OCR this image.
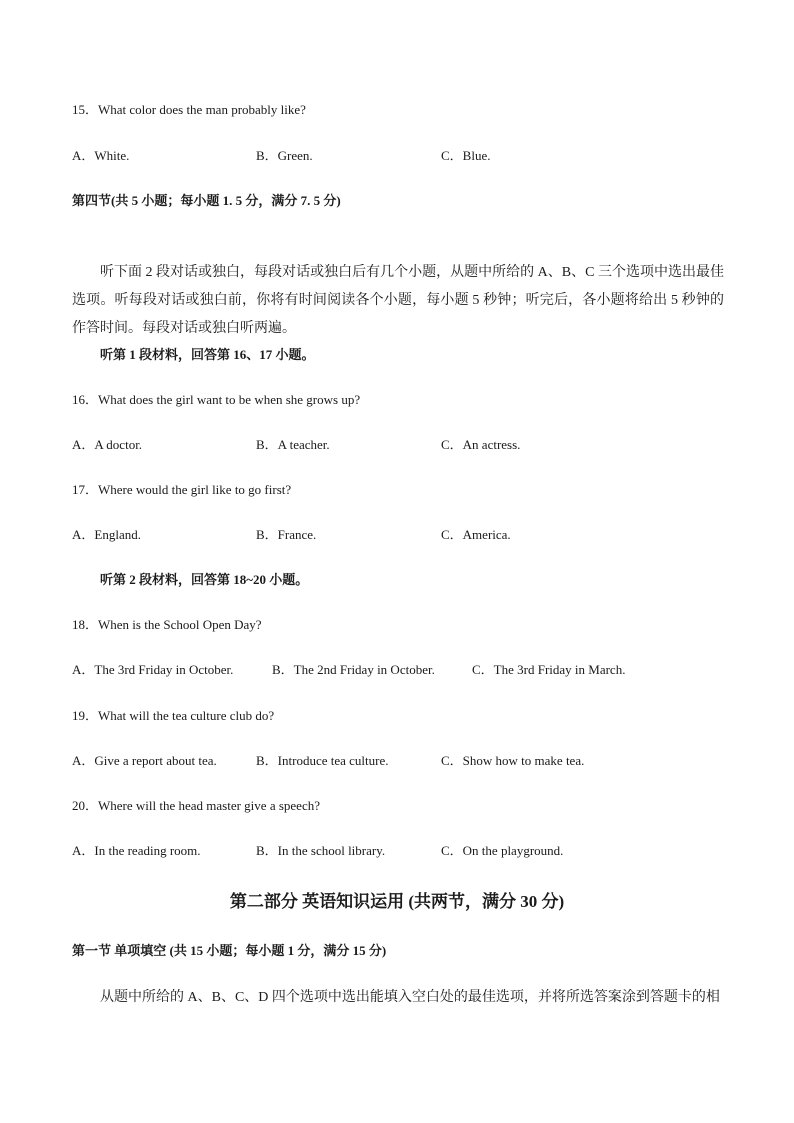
15．What color does the man probably like?
A．White.	B．Green.	C．Blue.
第四节(共 5 小题；每小题 1. 5 分，满分 7. 5 分)
听下面 2 段对话或独白，每段对话或独白后有几个小题，从题中所给的 A、B、C 三个选项中选出最佳选项。听每段对话或独白前，你将有时间阅读各个小题，每小题 5 秒钟；听完后，各小题将给出 5 秒钟的作答时间。每段对话或独白听两遍。
听第 1 段材料，回答第 16、17 小题。
16．What does the girl want to be when she grows up?
A．A doctor.	B．A teacher.	C．An actress.
17．Where would the girl like to go first?
A．England.	B．France.	C．America.
听第 2 段材料，回答第 18~20 小题。
18．When is the School Open Day?
A．The 3rd Friday in October.	B．The 2nd Friday in October.	C．The 3rd Friday in March.
19．What will the tea culture club do?
A．Give a report about tea.	B．Introduce tea culture.	C．Show how to make tea.
20．Where will the head master give a speech?
A．In the reading room.	B．In the school library.	C．On the playground.
第二部分 英语知识运用 (共两节，满分 30 分)
第一节 单项填空 (共 15 小题；每小题 1 分，满分 15 分)
从题中所给的 A、B、C、D 四个选项中选出能填入空白处的最佳选项，并将所选答案涂到答题卡的相
